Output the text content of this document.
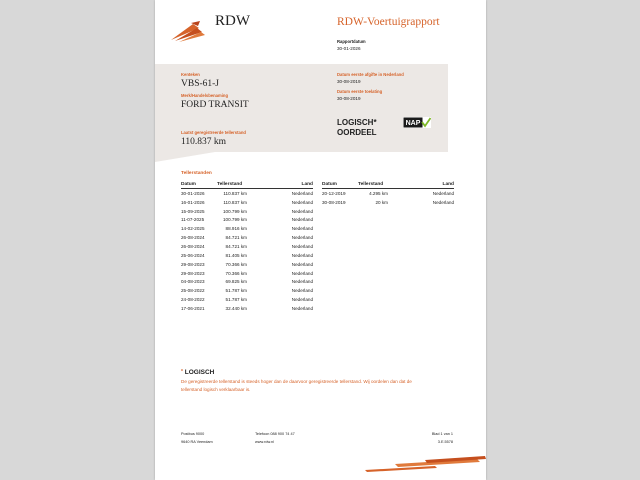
RDW	RDW-Voertuigrapport
Rapportdatum
30-01-2026
Kenteken
VBS-61-J
Merk/Handelsbenaming
FORD TRANSIT
Laatst geregistreerde tellerstand
110.837 km
Datum eerste afgifte in Nederland
30-08-2019
Datum eerste toelating
30-08-2019
LOGISCH*
OORDEEL
NAP
Tellerstanden
Datum	Tellerstand	Land
30-01-2026	110.837 km	Nederland
16-01-2026	110.837 km	Nederland
15-09-2025	100.799 km	Nederland
11-07-2025	100.799 km	Nederland
14-02-2025	88.916 km	Nederland
26-08-2024	84.721 km	Nederland
26-08-2024	84.721 km	Nederland
25-06-2024	81.405 km	Nederland
29-08-2023	70.366 km	Nederland
29-08-2023	70.366 km	Nederland
04-08-2023	69.825 km	Nederland
25-08-2022	51.787 km	Nederland
24-08-2022	51.787 km	Nederland
17-06-2021	32.440 km	Nederland
Datum	Tellerstand	Land
20-12-2019	4.295 km	Nederland
30-08-2019	20 km	Nederland
* LOGISCH
De geregistreerde tellerstand is steeds hoger dan de daarvoor geregistreerde tellerstand. Wij oordelen dan dat de
tellerstand logisch verklaarbaar is.
Postbus 9000
9640 RA Veendam
Telefoon 088 900 74 47
www.rdw.nl
Blad 1 van 1
3.E.5578
